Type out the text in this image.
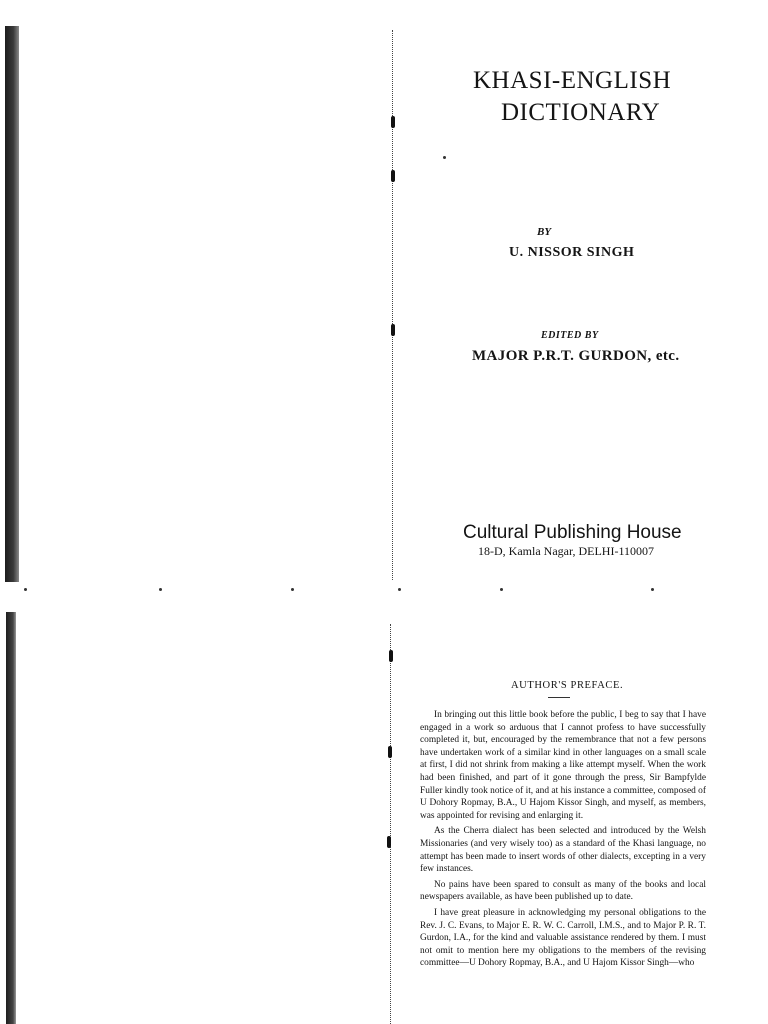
KHASI-ENGLISH
DICTIONARY
BY
U. NISSOR SINGH
EDITED BY
MAJOR P.R.T. GURDON, etc.
Cultural Publishing House
18-D, Kamla Nagar, DELHI-110007
AUTHOR'S PREFACE.

In bringing out this little book before the public, I beg to say that I have engaged in a work so arduous that I cannot profess to have successfully completed it, but, encouraged by the remembrance that not a few persons have undertaken work of a similar kind in other languages on a small scale at first, I did not shrink from making a like attempt myself. When the work had been finished, and part of it gone through the press, Sir Bampfylde Fuller kindly took notice of it, and at his instance a committee, composed of U Dohory Ropmay, B.A., U Hajom Kissor Singh, and myself, as members, was appointed for revising and enlarging it.

As the Cherra dialect has been selected and introduced by the Welsh Missionaries (and very wisely too) as a standard of the Khasi language, no attempt has been made to insert words of other dialects, excepting in a very few instances.

No pains have been spared to consult as many of the books and local newspapers available, as have been published up to date.

I have great pleasure in acknowledging my personal obligations to the Rev. J. C. Evans, to Major E. R. W. C. Carroll, I.M.S., and to Major P. R. T. Gurdon, I.A., for the kind and valuable assistance rendered by them. I must not omit to mention here my obligations to the members of the revising committee—U Dohory Ropmay, B.A., and U Hajom Kissor Singh—who
